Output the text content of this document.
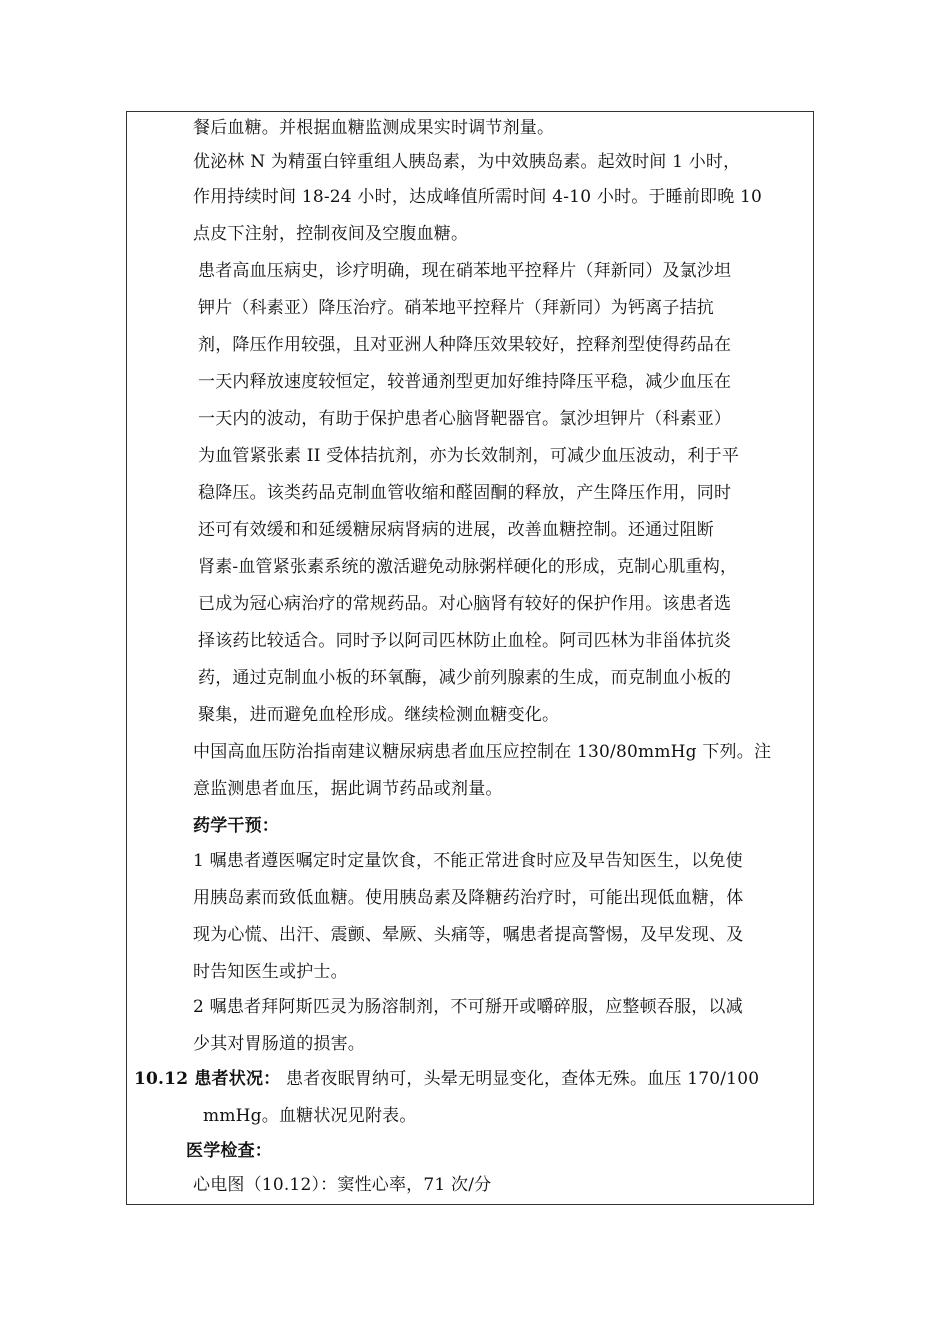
餐后血糖。并根据血糖监测成果实时调节剂量。
优泌林 N 为精蛋白锌重组人胰岛素，为中效胰岛素。起效时间 1 小时，
作用持续时间 18-24 小时，达成峰值所需时间 4-10 小时。于睡前即晚 10
点皮下注射，控制夜间及空腹血糖。
患者高血压病史，诊疗明确，现在硝苯地平控释片（拜新同）及氯沙坦
钾片（科素亚）降压治疗。硝苯地平控释片（拜新同）为钙离子拮抗
剂，降压作用较强，且对亚洲人种降压效果较好，控释剂型使得药品在
一天内释放速度较恒定，较普通剂型更加好维持降压平稳，减少血压在
一天内的波动，有助于保护患者心脑肾靶器官。氯沙坦钾片（科素亚）
为血管紧张素 II 受体拮抗剂，亦为长效制剂，可减少血压波动，利于平
稳降压。该类药品克制血管收缩和醛固酮的释放，产生降压作用，同时
还可有效缓和和延缓糖尿病肾病的进展，改善血糖控制。还通过阻断
肾素-血管紧张素系统的激活避免动脉粥样硬化的形成，克制心肌重构，
已成为冠心病治疗的常规药品。对心脑肾有较好的保护作用。该患者选
择该药比较适合。同时予以阿司匹林防止血栓。阿司匹林为非甾体抗炎
药，通过克制血小板的环氧酶，减少前列腺素的生成，而克制血小板的
聚集，进而避免血栓形成。继续检测血糖变化。
中国高血压防治指南建议糖尿病患者血压应控制在 130/80mmHg 下列。注
意监测患者血压，据此调节药品或剂量。
药学干预：
1 嘱患者遵医嘱定时定量饮食，不能正常进食时应及早告知医生，以免使
用胰岛素而致低血糖。使用胰岛素及降糖药治疗时，可能出现低血糖，体
现为心慌、出汗、震颤、晕厥、头痛等，嘱患者提高警惕，及早发现、及
时告知医生或护士。
2 嘱患者拜阿斯匹灵为肠溶制剂，不可掰开或嚼碎服，应整顿吞服，以减
少其对胃肠道的损害。
10.12 患者状况： 患者夜眠胃纳可，头晕无明显变化，查体无殊。血压 170/100
mmHg。血糖状况见附表。
医学检查：
心电图（10.12）：窦性心率，71 次/分
